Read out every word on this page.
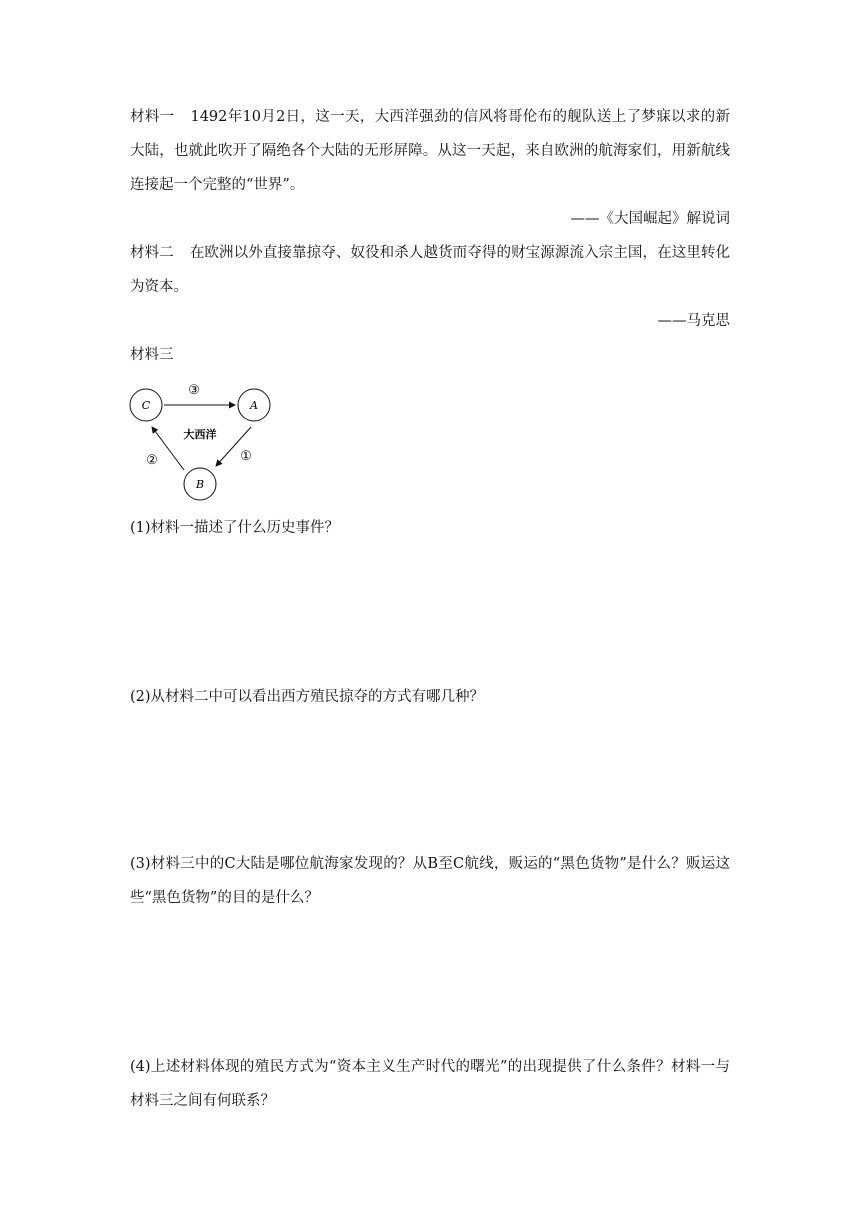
材料一 1492年10月2日，这一天，大西洋强劲的信风将哥伦布的舰队送上了梦寐以求的新大陆，也就此吹开了隔绝各个大陆的无形屏障。从这一天起，来自欧洲的航海家们，用新航线连接起一个完整的“世界”。

——《大国崛起》解说词

材料二 在欧洲以外直接靠掠夺、奴役和杀人越货而夺得的财宝源源流入宗主国，在这里转化为资本。

——马克思

材料三

C	A
B
③
①
②
大西洋
(1)材料一描述了什么历史事件？
(2)从材料二中可以看出西方殖民掠夺的方式有哪几种？
(3)材料三中的C大陆是哪位航海家发现的？从B至C航线，贩运的“黑色货物”是什么？贩运这些“黑色货物”的目的是什么？
(4)上述材料体现的殖民方式为“资本主义生产时代的曙光”的出现提供了什么条件？材料一与材料三之间有何联系？
